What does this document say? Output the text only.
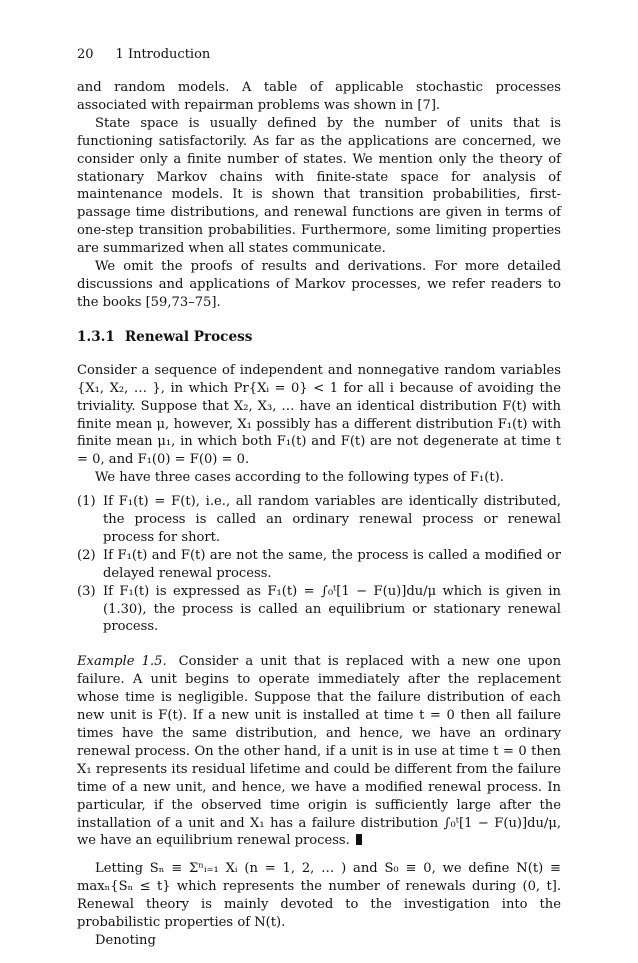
20 1 Introduction

and random models. A table of applicable stochastic processes associated with repairman problems was shown in [7].

State space is usually defined by the number of units that is functioning satisfactorily. As far as the applications are concerned, we consider only a finite number of states. We mention only the theory of stationary Markov chains with finite-state space for analysis of maintenance models. It is shown that transition probabilities, first-passage time distributions, and renewal functions are given in terms of one-step transition probabilities. Furthermore, some limiting properties are summarized when all states communicate.

We omit the proofs of results and derivations. For more detailed discussions and applications of Markov processes, we refer readers to the books [59,73–75].

1.3.1 Renewal Process

Consider a sequence of independent and nonnegative random variables {X₁, X₂, … }, in which Pr{Xᵢ = 0} < 1 for all i because of avoiding the triviality. Suppose that X₂, X₃, … have an identical distribution F(t) with finite mean μ, however, X₁ possibly has a different distribution F₁(t) with finite mean μ₁, in which both F₁(t) and F(t) are not degenerate at time t = 0, and F₁(0) = F(0) = 0.

We have three cases according to the following types of F₁(t).

(1) If F₁(t) = F(t), i.e., all random variables are identically distributed, the process is called an ordinary renewal process or renewal process for short.
(2) If F₁(t) and F(t) are not the same, the process is called a modified or delayed renewal process.
(3) If F₁(t) is expressed as F₁(t) = ∫₀ᵗ[1 − F(u)]du/μ which is given in (1.30), the process is called an equilibrium or stationary renewal process.

Example 1.5. Consider a unit that is replaced with a new one upon failure. A unit begins to operate immediately after the replacement whose time is negligible. Suppose that the failure distribution of each new unit is F(t). If a new unit is installed at time t = 0 then all failure times have the same distribution, and hence, we have an ordinary renewal process. On the other hand, if a unit is in use at time t = 0 then X₁ represents its residual lifetime and could be different from the failure time of a new unit, and hence, we have a modified renewal process. In particular, if the observed time origin is sufficiently large after the installation of a unit and X₁ has a failure distribution ∫₀ᵗ[1 − F(u)]du/μ, we have an equilibrium renewal process.

Letting Sₙ ≡ Σⁿᵢ₌₁ Xᵢ (n = 1, 2, … ) and S₀ ≡ 0, we define N(t) ≡ maxₙ{Sₙ ≤ t} which represents the number of renewals during (0, t]. Renewal theory is mainly devoted to the investigation into the probabilistic properties of N(t).

Denoting
